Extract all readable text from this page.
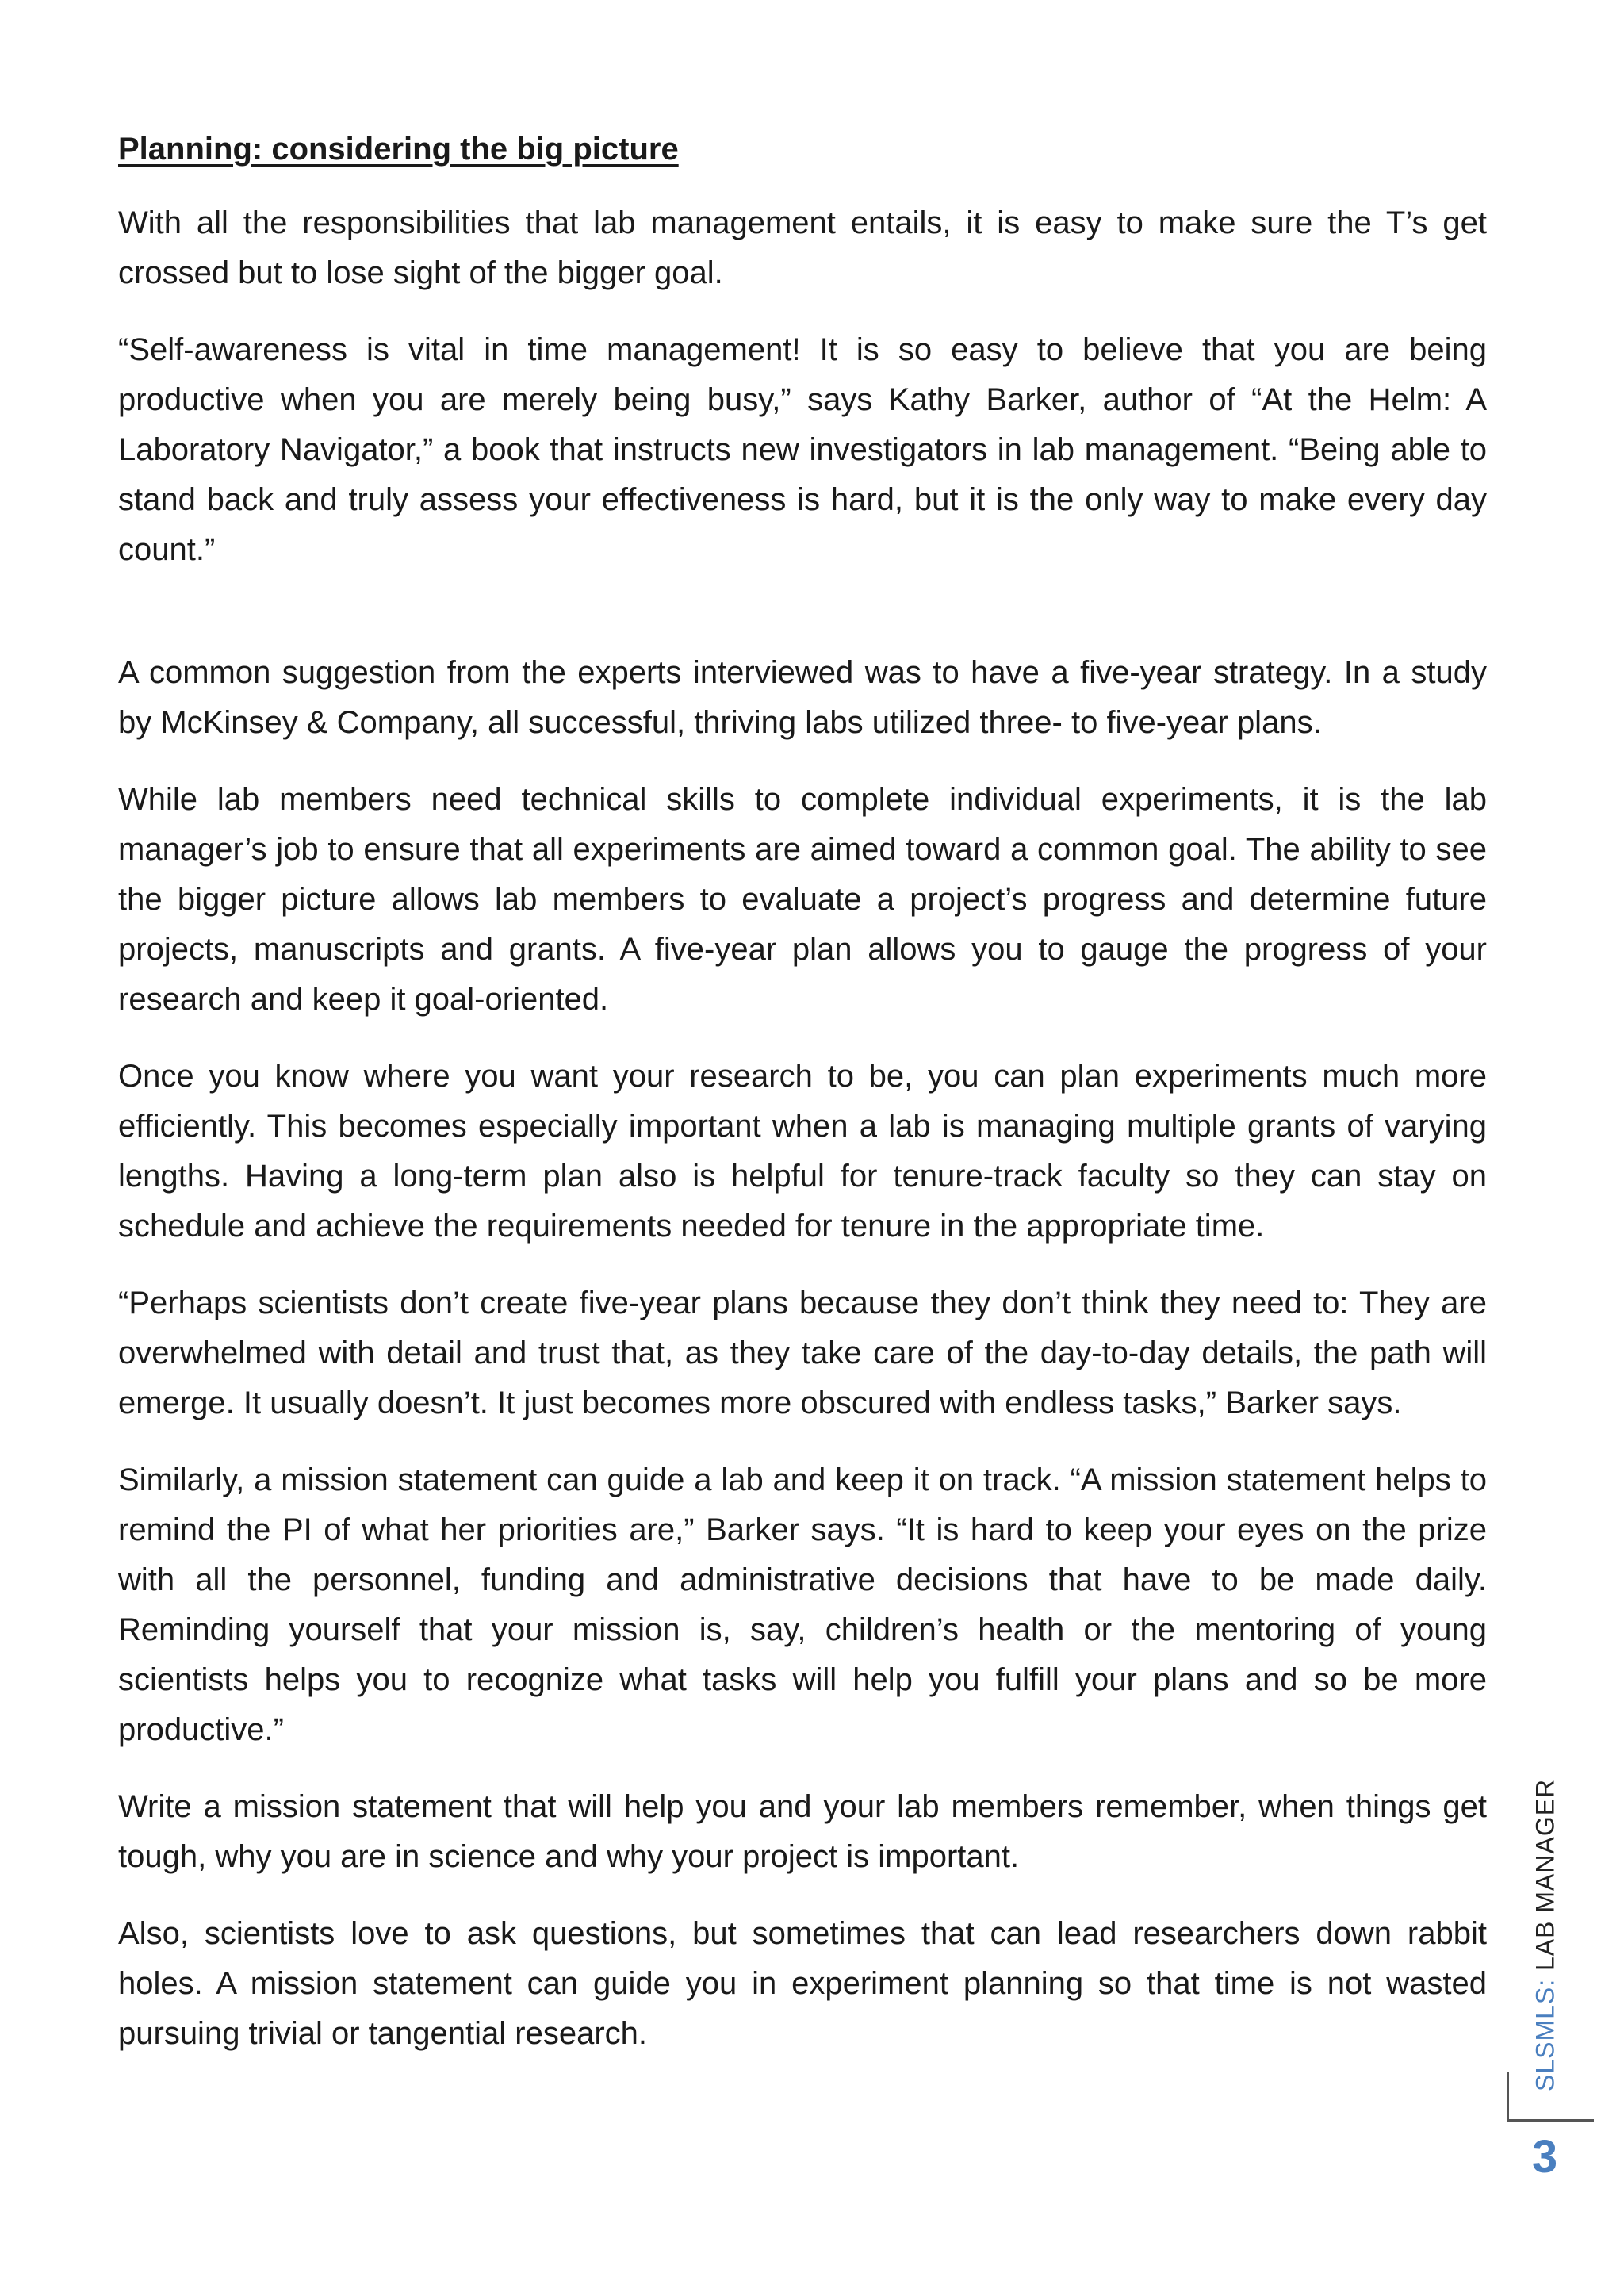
Planning: considering the big picture

With all the responsibilities that lab management entails, it is easy to make sure the T’s get crossed but to lose sight of the bigger goal.

“Self-awareness is vital in time management! It is so easy to believe that you are being productive when you are merely being busy,” says Kathy Barker, author of “At the Helm: A Laboratory Navigator,” a book that instructs new investigators in lab management. “Being able to stand back and truly assess your effectiveness is hard, but it is the only way to make every day count.”

A common suggestion from the experts interviewed was to have a five-year strategy. In a study by McKinsey & Company, all successful, thriving labs utilized three- to five-year plans.

While lab members need technical skills to complete individual experiments, it is the lab manager’s job to ensure that all experiments are aimed toward a common goal. The ability to see the bigger picture allows lab members to evaluate a project’s progress and determine future projects, manuscripts and grants. A five-year plan allows you to gauge the progress of your research and keep it goal-oriented.

Once you know where you want your research to be, you can plan experiments much more efficiently. This becomes especially important when a lab is managing multiple grants of varying lengths. Having a long-term plan also is helpful for tenure-track faculty so they can stay on schedule and achieve the requirements needed for tenure in the appropriate time.

“Perhaps scientists don’t create five-year plans because they don’t think they need to: They are overwhelmed with detail and trust that, as they take care of the day-to-day details, the path will emerge. It usually doesn’t. It just becomes more obscured with endless tasks,” Barker says.

Similarly, a mission statement can guide a lab and keep it on track. “A mission statement helps to remind the PI of what her priorities are,” Barker says. “It is hard to keep your eyes on the prize with all the personnel, funding and administrative decisions that have to be made daily. Reminding yourself that your mission is, say, children’s health or the mentoring of young scientists helps you to recognize what tasks will help you fulfill your plans and so be more productive.”

Write a mission statement that will help you and your lab members remember, when things get tough, why you are in science and why your project is important.

Also, scientists love to ask questions, but sometimes that can lead researchers down rabbit holes. A mission statement can guide you in experiment planning so that time is not wasted pursuing trivial or tangential research.	SLSMLS:

LAB MANAGER
3
